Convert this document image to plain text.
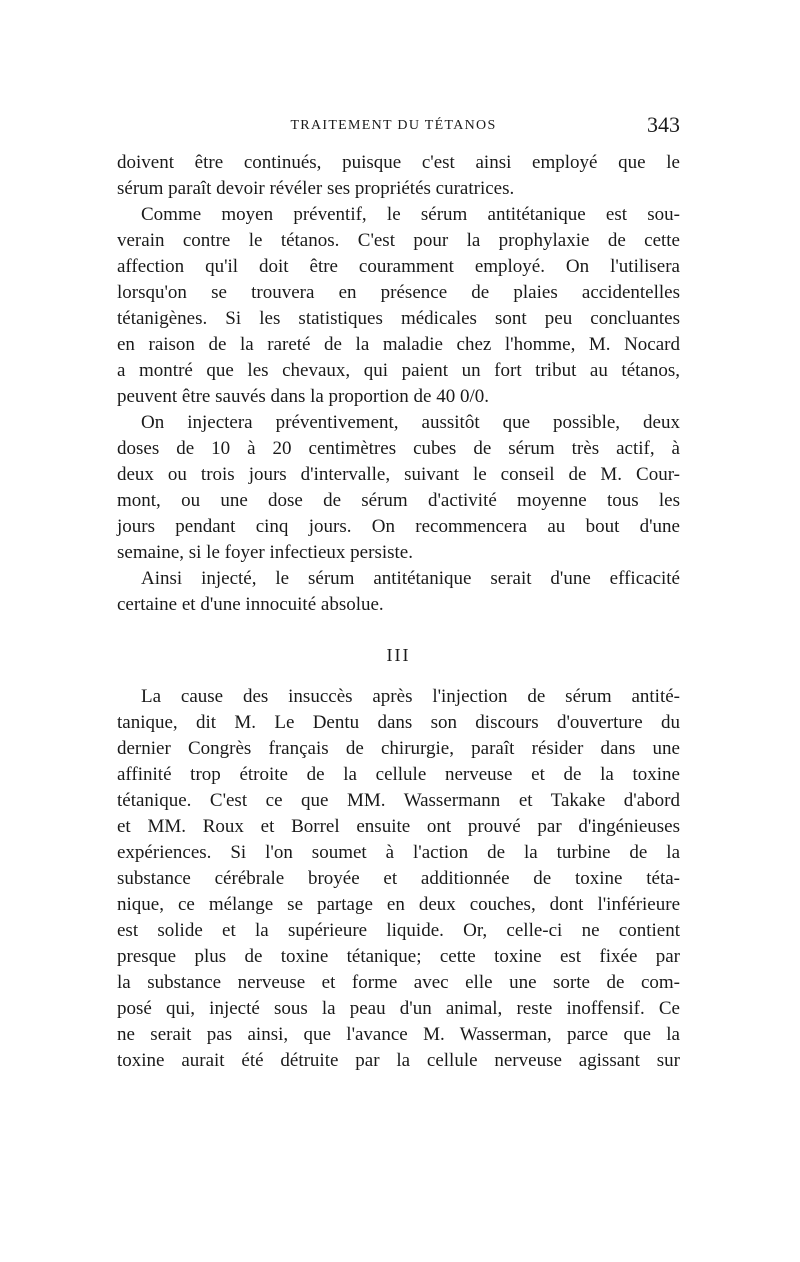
TRAITEMENT DU TÉTANOS	343
doivent être continués, puisque c'est ainsi employé que le
sérum paraît devoir révéler ses propriétés curatrices.
Comme moyen préventif, le sérum antitétanique est sou-
verain contre le tétanos. C'est pour la prophylaxie de cette
affection qu'il doit être couramment employé. On l'utilisera
lorsqu'on se trouvera en présence de plaies accidentelles
tétanigènes. Si les statistiques médicales sont peu concluantes
en raison de la rareté de la maladie chez l'homme, M. Nocard
a montré que les chevaux, qui paient un fort tribut au tétanos,
peuvent être sauvés dans la proportion de 40 0/0.
On injectera préventivement, aussitôt que possible, deux
doses de 10 à 20 centimètres cubes de sérum très actif, à
deux ou trois jours d'intervalle, suivant le conseil de M. Cour-
mont, ou une dose de sérum d'activité moyenne tous les
jours pendant cinq jours. On recommencera au bout d'une
semaine, si le foyer infectieux persiste.
Ainsi injecté, le sérum antitétanique serait d'une efficacité
certaine et d'une innocuité absolue.
III
La cause des insuccès après l'injection de sérum antité-
tanique, dit M. Le Dentu dans son discours d'ouverture du
dernier Congrès français de chirurgie, paraît résider dans une
affinité trop étroite de la cellule nerveuse et de la toxine
tétanique. C'est ce que MM. Wassermann et Takake d'abord
et MM. Roux et Borrel ensuite ont prouvé par d'ingénieuses
expériences. Si l'on soumet à l'action de la turbine de la
substance cérébrale broyée et additionnée de toxine téta-
nique, ce mélange se partage en deux couches, dont l'inférieure
est solide et la supérieure liquide. Or, celle-ci ne contient
presque plus de toxine tétanique; cette toxine est fixée par
la substance nerveuse et forme avec elle une sorte de com-
posé qui, injecté sous la peau d'un animal, reste inoffensif. Ce
ne serait pas ainsi, que l'avance M. Wasserman, parce que la
toxine aurait été détruite par la cellule nerveuse agissant sur
